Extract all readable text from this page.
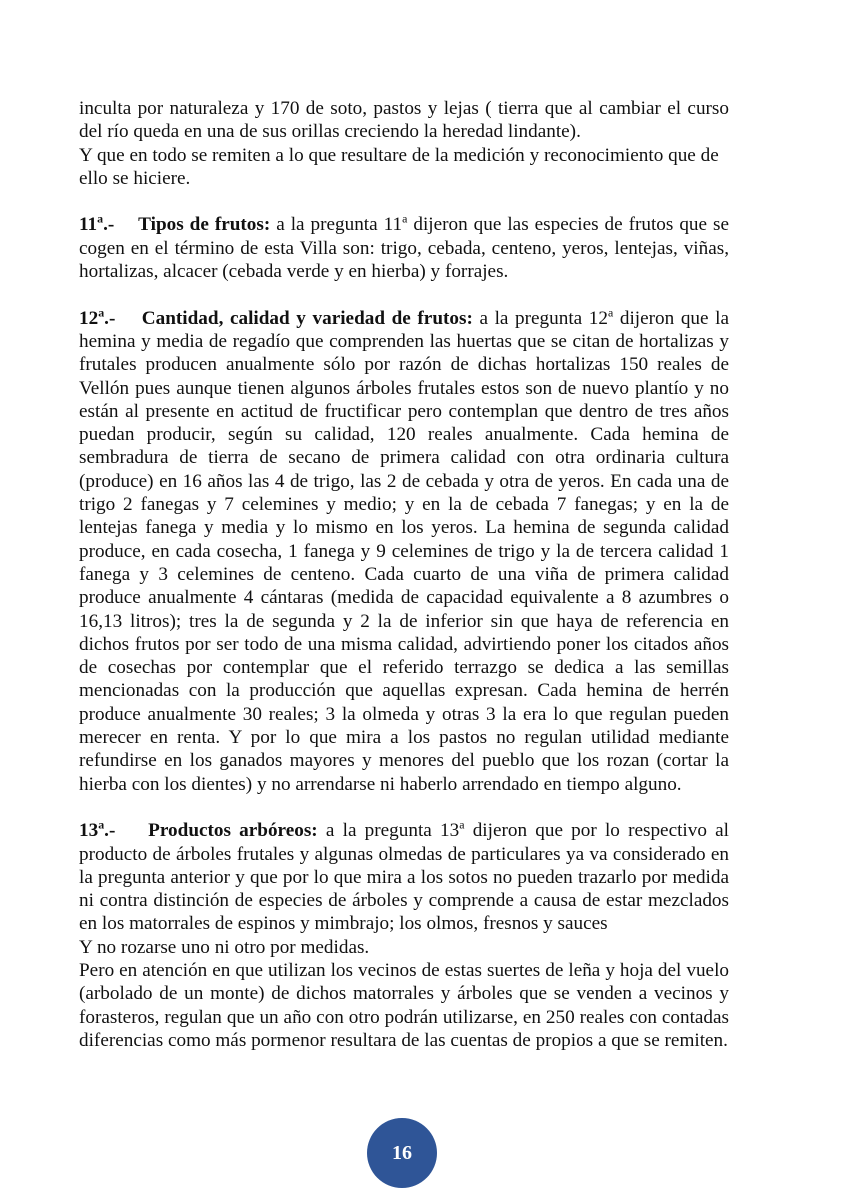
inculta por naturaleza y 170 de soto, pastos y lejas ( tierra que al cambiar el curso del río queda en una de sus orillas creciendo la heredad lindante).

Y que en todo se remiten a lo que resultare de la medición y reconocimiento que de ello se hiciere.

11$^a$.- Tipos de frutos: a la pregunta 11$^a$ dijeron que las especies de frutos que se cogen en el término de esta Villa son: trigo, cebada, centeno, yeros, lentejas, viñas, hortalizas, alcacer (cebada verde y en hierba) y forrajes.

12$^a$.- Cantidad, calidad y variedad de frutos: a la pregunta 12$^a$ dijeron que la hemina y media de regadío que comprenden las huertas que se citan de hortalizas y frutales producen anualmente sólo por razón de dichas hortalizas 150 reales de Vellón pues aunque tienen algunos árboles frutales estos son de nuevo plantío y no están al presente en actitud de fructificar pero contemplan que dentro de tres años puedan producir, según su calidad, 120 reales anualmente. Cada hemina de sembradura de tierra de secano de primera calidad con otra ordinaria cultura (produce) en 16 años las 4 de trigo, las 2 de cebada y otra de yeros. En cada una de trigo 2 fanegas y 7 celemines y medio; y en la de cebada 7 fanegas; y en la de lentejas fanega y media y lo mismo en los yeros. La hemina de segunda calidad produce, en cada cosecha, 1 fanega y 9 celemines de trigo y la de tercera calidad 1 fanega y 3 celemines de centeno. Cada cuarto de una viña de primera calidad produce anualmente 4 cántaras (medida de capacidad equivalente a 8 azumbres o 16,13 litros); tres la de segunda y 2 la de inferior sin que haya de referencia en dichos frutos por ser todo de una misma calidad, advirtiendo poner los citados años de cosechas por contemplar que el referido terrazgo se dedica a las semillas mencionadas con la producción que aquellas expresan. Cada hemina de herrén produce anualmente 30 reales; 3 la olmeda y otras 3 la era lo que regulan pueden merecer en renta. Y por lo que mira a los pastos no regulan utilidad mediante refundirse en los ganados mayores y menores del pueblo que los rozan (cortar la hierba con los dientes) y no arrendarse ni haberlo arrendado en tiempo alguno.

13$^a$.- Productos arbóreos: a la pregunta 13$^a$ dijeron que por lo respectivo al producto de árboles frutales y algunas olmedas de particulares ya va considerado en la pregunta anterior y que por lo que mira a los sotos no pueden trazarlo por medida ni contra distinción de especies de árboles y comprende a causa de estar mezclados en los matorrales de espinos y mimbrajo; los olmos, fresnos y sauces

Y no rozarse uno ni otro por medidas.

Pero en atención en que utilizan los vecinos de estas suertes de leña y hoja del vuelo (arbolado de un monte) de dichos matorrales y árboles que se venden a vecinos y forasteros, regulan que un año con otro podrán utilizarse, en 250 reales con contadas diferencias como más pormenor resultara de las cuentas de propios a que se remiten.

16
